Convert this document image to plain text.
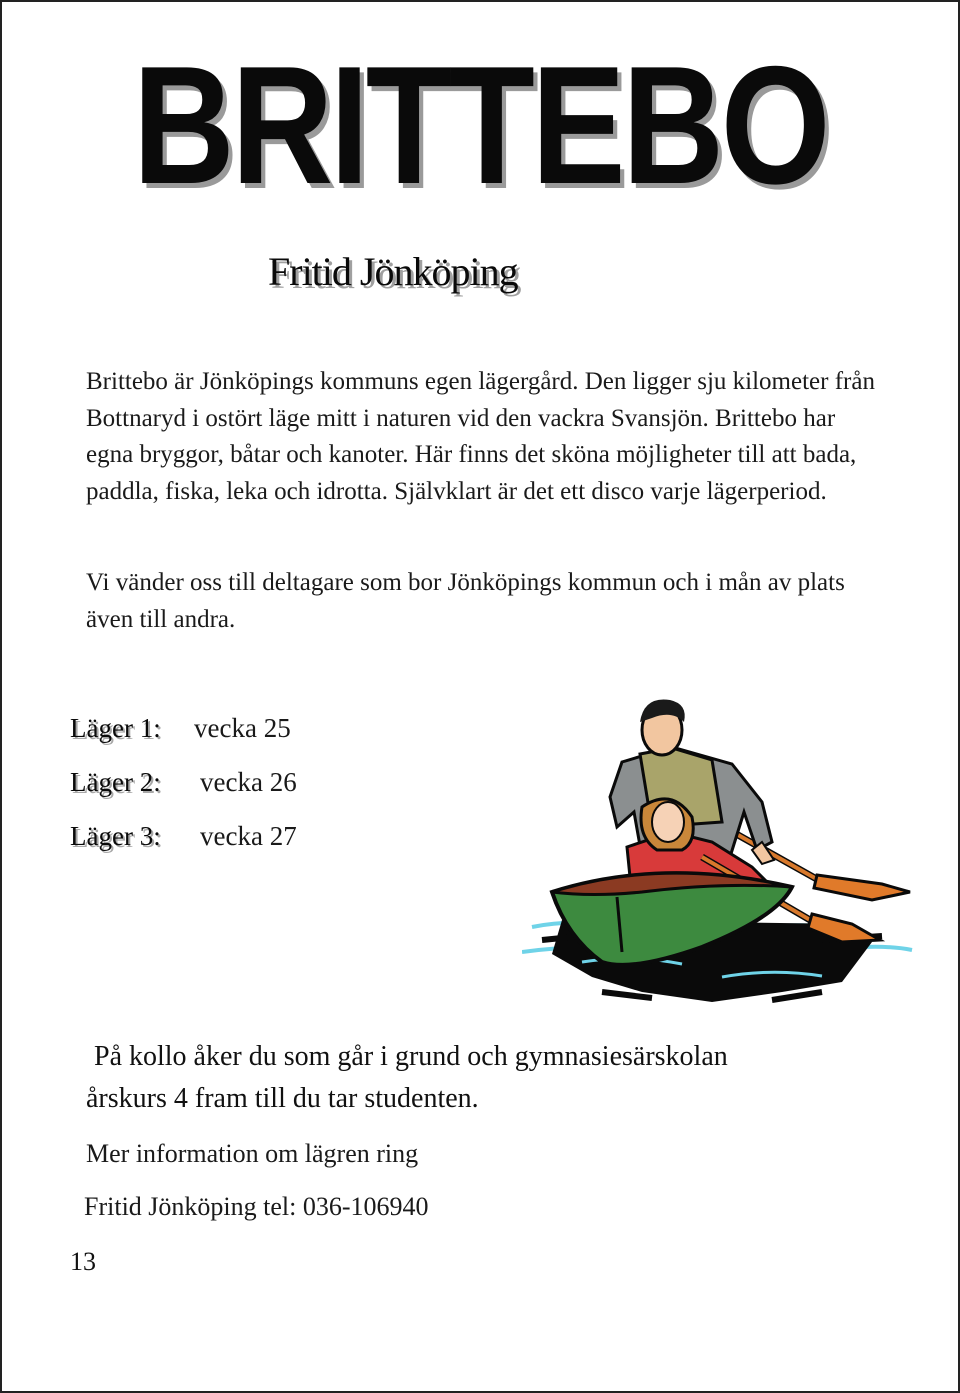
BRITTEBO
Fritid Jönköping

Brittebo är Jönköpings kommuns egen lägergård. Den ligger sju kilometer från Bottnaryd i ostört läge mitt i naturen vid den vackra Svansjön. Brittebo har egna bryggor, båtar och kanoter. Här finns det sköna möjligheter till att bada, paddla, fiska, leka och idrotta. Självklart är det ett disco varje lägerperiod.

Vi vänder oss till deltagare som bor Jönköpings kommun och i mån av plats även till andra.

Läger 1: vecka 25
Läger 2: vecka 26
Läger 3: vecka 27

På kollo åker du som går i grund och gymnasiesärskolan
årskurs 4 fram till du tar studenten.

Mer information om lägren ring
Fritid Jönköping tel: 036-106940
13
